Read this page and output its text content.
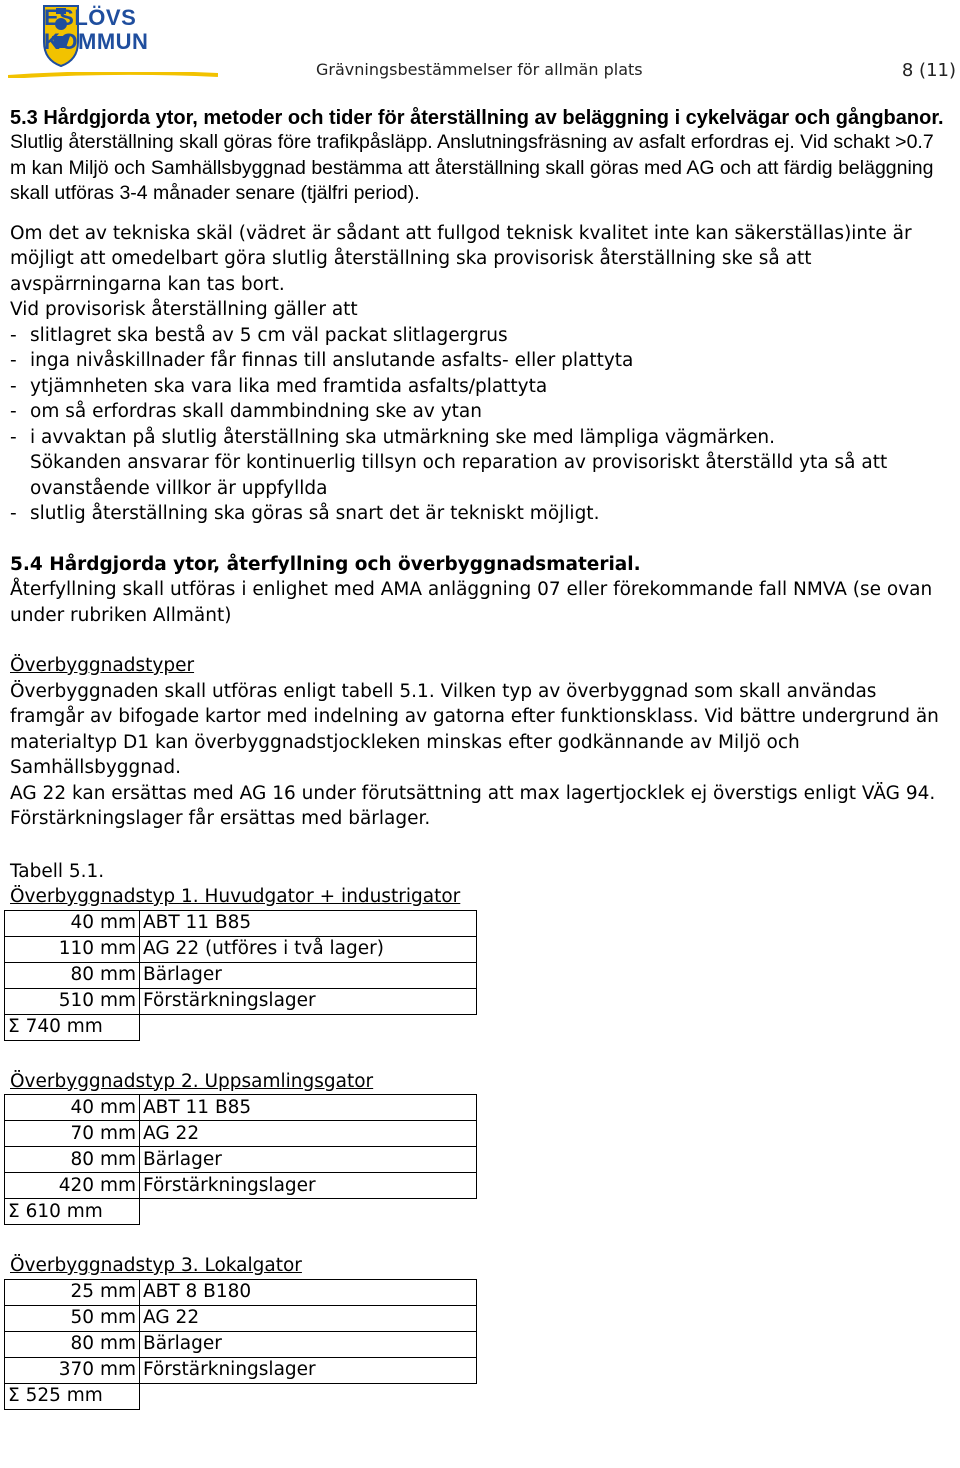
ESLÖVS
KOMMUN
Grävningsbestämmelser för allmän plats	8 (11)
5.3 Hårdgjorda ytor, metoder och tider för återställning av beläggning i cykelvägar och gångbanor.

Slutlig återställning skall göras före trafikpåsläpp. Anslutningsfräsning av asfalt erfordras ej. Vid schakt >0.7 m kan Miljö och Samhällsbyggnad bestämma att återställning skall göras med AG och att färdig beläggning skall utföras 3-4 månader senare (tjälfri period).

Om det av tekniska skäl (vädret är sådant att fullgod teknisk kvalitet inte kan säkerställas)inte är möjligt att omedelbart göra slutlig återställning ska provisorisk återställning ske så att avspärrningarna kan tas bort.

Vid provisorisk återställning gäller att

- slitlagret ska bestå av 5 cm väl packat slitlagergrus
- inga nivåskillnader får finnas till anslutande asfalts- eller plattyta
- ytjämnheten ska vara lika med framtida asfalts/plattyta
- om så erfordras skall dammbindning ske av ytan
- i avvaktan på slutlig återställning ska utmärkning ske med lämpliga vägmärken.

Sökanden ansvarar för kontinuerlig tillsyn och reparation av provisoriskt återställd yta så att ovanstående villkor är uppfyllda

- slutlig återställning ska göras så snart det är tekniskt möjligt.

5.4 Hårdgjorda ytor, återfyllning och överbyggnadsmaterial.

Återfyllning skall utföras i enlighet med AMA anläggning 07 eller förekommande fall NMVA (se ovan under rubriken Allmänt)

Överbyggnadstyper

Överbyggnaden skall utföras enligt tabell 5.1. Vilken typ av överbyggnad som skall användas framgår av bifogade kartor med indelning av gatorna efter funktionsklass. Vid bättre undergrund än materialtyp D1 kan överbyggnadstjockleken minskas efter godkännande av Miljö och Samhällsbyggnad.

AG 22 kan ersättas med AG 16 under förutsättning att max lagertjocklek ej överstigs enligt VÄG 94. Förstärkningslager får ersättas med bärlager.

Tabell 5.1.

Överbyggnadstyp 1. Huvudgator + industrigator

40 mm	ABT 11 B85
110 mm	AG 22 (utföres i två lager)
80 mm	Bärlager
510 mm	Förstärkningslager
Σ 740 mm	

Överbyggnadstyp 2. Uppsamlingsgator

40 mm	ABT 11 B85
70 mm	AG 22
80 mm	Bärlager
420 mm	Förstärkningslager
Σ 610 mm	

Överbyggnadstyp 3. Lokalgator

25 mm	ABT 8 B180
50 mm	AG 22
80 mm	Bärlager
370 mm	Förstärkningslager
Σ 525 mm	
